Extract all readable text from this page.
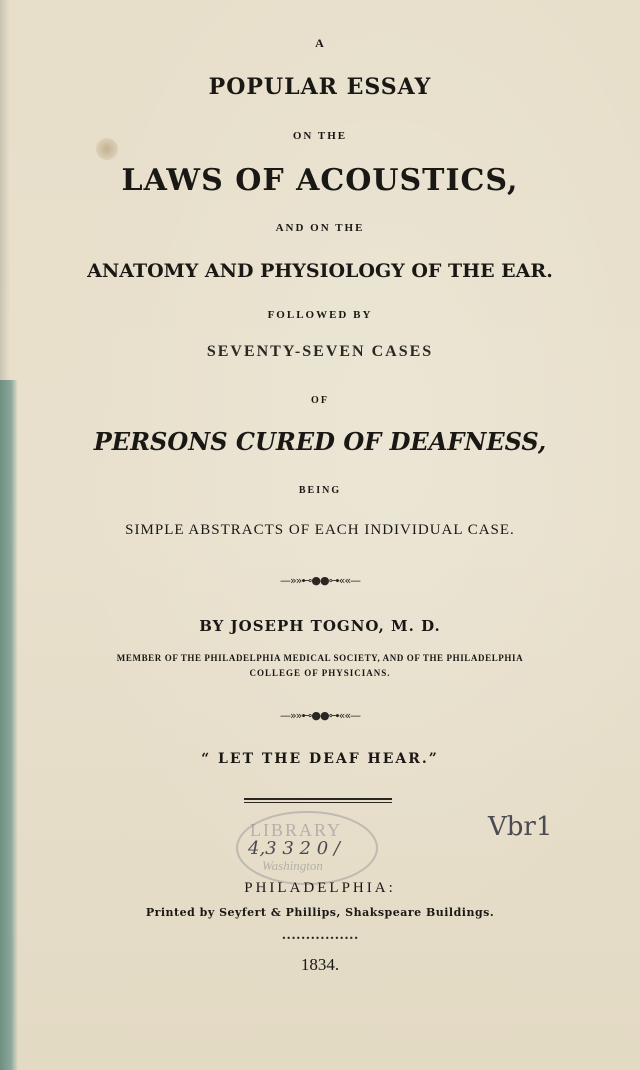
A
POPULAR ESSAY
ON THE
LAWS OF ACOUSTICS,
AND ON THE
ANATOMY AND PHYSIOLOGY OF THE EAR.
FOLLOWED BY
SEVENTY-SEVEN CASES
OF
PERSONS CURED OF DEAFNESS,
BEING
SIMPLE ABSTRACTS OF EACH INDIVIDUAL CASE.
—»»⊷●●⊶««—
BY JOSEPH TOGNO, M. D.
MEMBER OF THE PHILADELPHIA MEDICAL SOCIETY, AND OF THE PHILADELPHIA
COLLEGE OF PHYSICIANS.
—»»⊷●●⊶««—
“ LET THE DEAF HEAR.”
LIBRARY
Washington
4,3 3 2 0 /
Vbr1
PHILADELPHIA:
Printed by Seyfert & Phillips, Shakspeare Buildings.
••••••••••••••••
1834.
